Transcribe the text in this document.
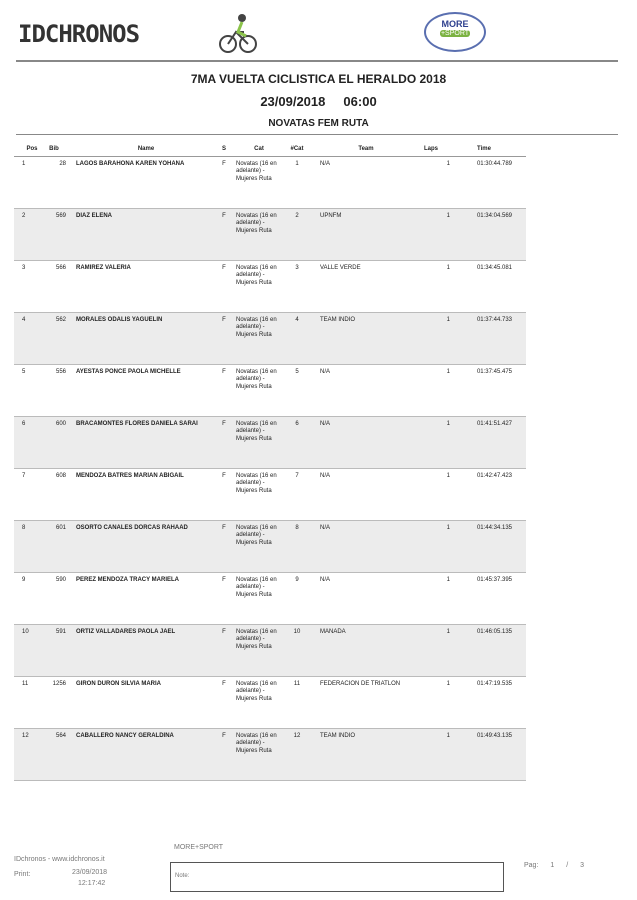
IDCHRONOS	MORE
+SPORT
7MA VUELTA CICLISTICA EL HERALDO 2018
23/09/2018     06:00
NOVATAS FEM RUTA
Pos	Bib	Name	S	Cat	#Cat	Team	Laps	Time
1	28	LAGOS BARAHONA KAREN YOHANA	F	Novatas (16 en adelante) - Mujeres Ruta	1	N/A	1	01:30:44.789
2	569	DIAZ ELENA	F	Novatas (16 en adelante) - Mujeres Ruta	2	UPNFM	1	01:34:04.569
3	566	RAMIREZ VALERIA	F	Novatas (16 en adelante) - Mujeres Ruta	3	VALLE VERDE	1	01:34:45.081
4	562	MORALES ODALIS YAGUELIN	F	Novatas (16 en adelante) - Mujeres Ruta	4	TEAM INDIO	1	01:37:44.733
5	556	AYESTAS PONCE PAOLA MICHELLE	F	Novatas (16 en adelante) - Mujeres Ruta	5	N/A	1	01:37:45.475
6	600	BRACAMONTES FLORES DANIELA SARAI	F	Novatas (16 en adelante) - Mujeres Ruta	6	N/A	1	01:41:51.427
7	608	MENDOZA BATRES MARIAN ABIGAIL	F	Novatas (16 en adelante) - Mujeres Ruta	7	N/A	1	01:42:47.423
8	601	OSORTO CANALES DORCAS RAHAAD	F	Novatas (16 en adelante) - Mujeres Ruta	8	N/A	1	01:44:34.135
9	590	PEREZ MENDOZA TRACY MARIELA	F	Novatas (16 en adelante) - Mujeres Ruta	9	N/A	1	01:45:37.395
10	591	ORTIZ VALLADARES PAOLA JAEL	F	Novatas (16 en adelante) - Mujeres Ruta	10	MANADA	1	01:46:05.135
11	1256	GIRON DURON SILVIA MARIA	F	Novatas (16 en adelante) - Mujeres Ruta	11	FEDERACION DE TRIATLON	1	01:47:19.535
12	564	CABALLERO NANCY GERALDINA	F	Novatas (16 en adelante) - Mujeres Ruta	12	TEAM INDIO	1	01:49:43.135
MORE+SPORT
IDchronos - www.idchronos.it
Print:	23/09/2018
12:17:42
Note:
Pag: 1 / 3
